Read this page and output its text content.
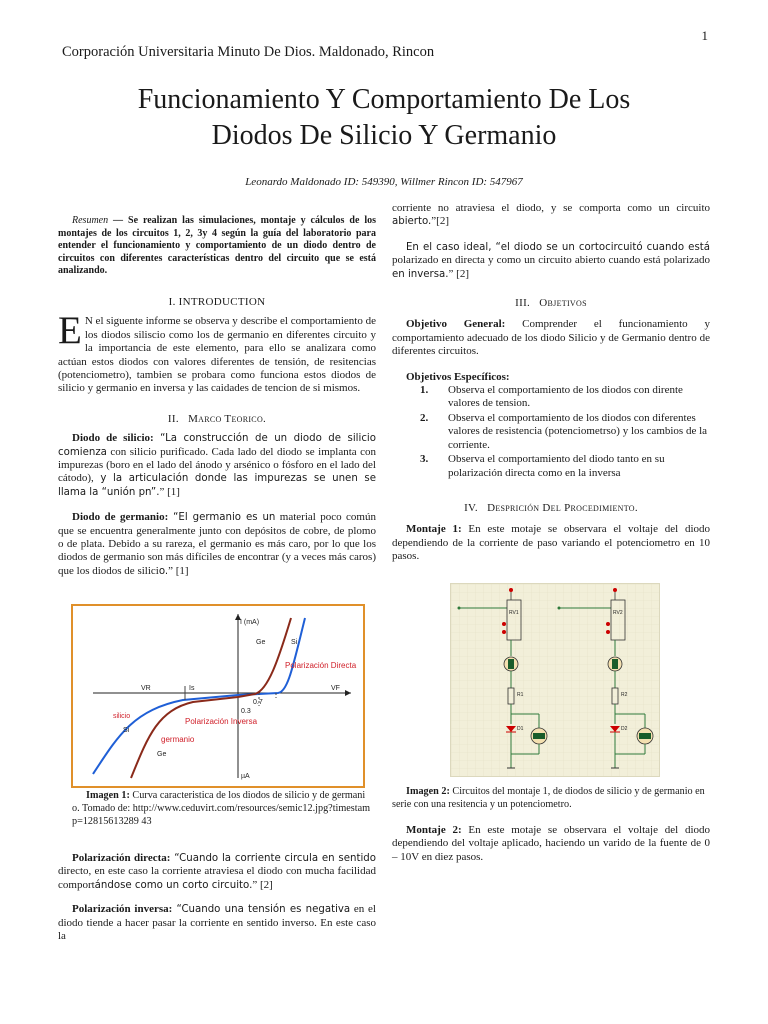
1
Corporación Universitaria Minuto De Dios. Maldonado, Rincon
Funcionamiento Y Comportamiento De Los
Diodos De Silicio Y Germanio
Leonardo Maldonado ID: 549390, Willmer Rincon ID: 547967

Resumen — Se realizan las simulaciones, montaje y cálculos de los montajes de los circuitos 1, 2, 3y 4 según la guía del laboratorio para entender el funcionamiento y comportamiento de un diodo dentro de circuitos con diferentes características dentro del circuito que se está analizando.

I. INTRODUCTION

E N el siguente informe se observa y describe el comportamiento de los diodos siliscio como los de germanio en diferentes circuito y la importancia de este elemento, para ello se analizara como actúan estos diodos con valores diferentes de tensión, de resitencias (potenciometro), tambien se probara como funciona estos diodos de silicio y germanio en inversa y las caidades de tencion de si mismos.

II. Marco Teorico.

Diodo de silicio: “La construcción de un diodo de silicio comienza con silicio purificado. Cada lado del diodo se implanta con impurezas (boro en el lado del ánodo y arsénico o fósforo en el lado del cátodo), y la articulación donde las impurezas se unen se llama la “unión pn”.” [1]

Diodo de germanio: “El germanio es un material poco común que se encuentra generalmente junto con depósitos de cobre, de plomo o de plata. Debido a su rareza, el germanio es más caro, por lo que los diodos de germanio son más difíciles de encontrar (y a veces más caros) que los diodos de silicio.” [1]

I (mA)
Ge	Si
Polarización Directa
VR	Is	VF
0.7
0.3
Polarización Inversa
silicio
Si
germanio
Ge
µA
Imagen 1: Curva caracteristica de los diodos de silicio y de germanio. Tomado de: http://www.ceduvirt.com/resources/semic12.jpg?timestamp=12815613289 43

Polarización directa: “Cuando la corriente circula en sentido directo, en este caso la corriente atraviesa el diodo con mucha facilidad comportándose como un corto circuito.” [2]

Polarización inversa: “Cuando una tensión es negativa en el diodo tiende a hacer pasar la corriente en sentido inverso. En este caso la

corriente no atraviesa el diodo, y se comporta como un circuito abierto.”[2]

En el caso ideal, “el diodo se un cortocircuitó cuando está polarizado en directa y como un circuito abierto cuando está polarizado en inversa.” [2]

III. Objetivos

Objetivo General: Comprender el funcionamiento y comportamiento adecuado de los diodo Silicio y de Germanio dentro de diferentes circuitos.

Objetivos Específicos:

1. Observa el comportamiento de los diodos con dirente valores de tension.
2. Observa el comportamiento de los diodos con diferentes valores de resistencia (potenciometrso) y los cambios de la corriente.
3. Observa el comportamiento del diodo tanto en su polarización directa como en la inversa
IV. Desprición Del Procedimiento.

Montaje 1: En este motaje se observara el voltaje del diodo dependiendo de la corriente de paso variando el potenciometro en 10 pasos.

RV1
R1
D1
RV2
R2
D2
Imagen 2: Circuitos del montaje 1, de diodos de silicio y de germanio en serie con una resitencia y un potenciometro.

Montaje 2: En este motaje se observara el voltaje del diodo dependiendo del voltaje aplicado, haciendo un varido de la fuente de 0 – 10V en diez pasos.
